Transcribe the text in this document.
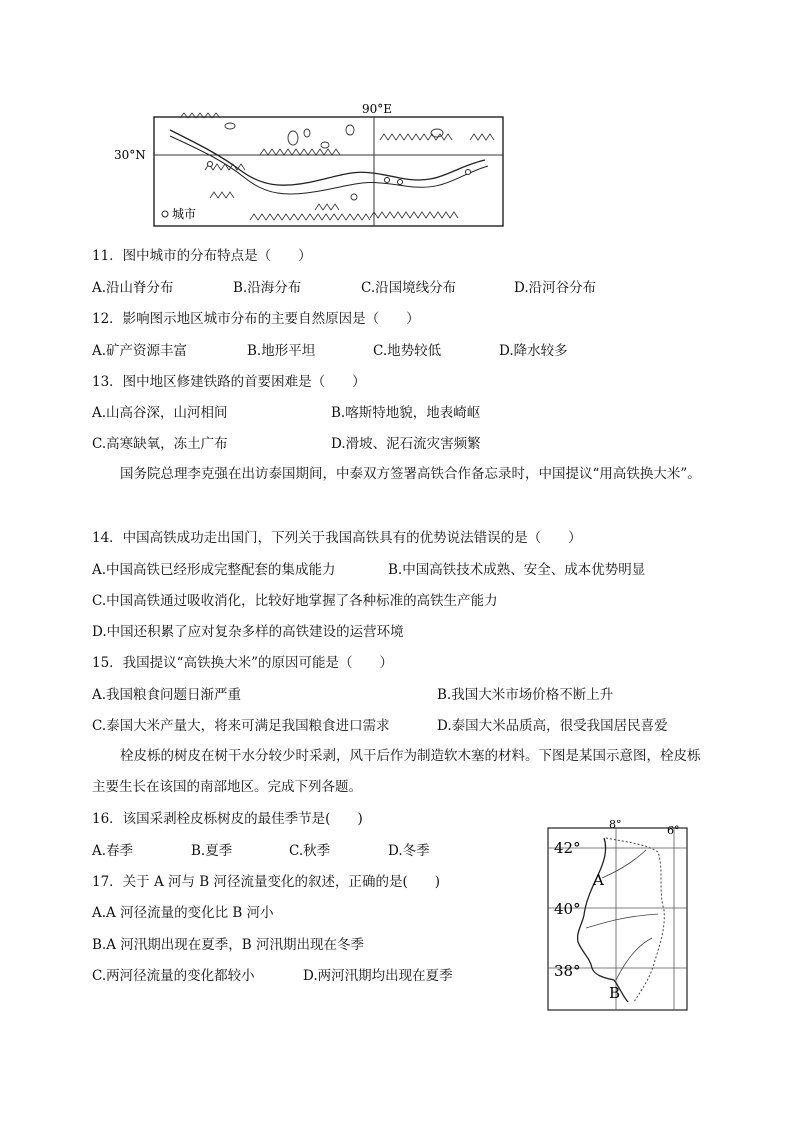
90°E
30°N
城市
11．图中城市的分布特点是（　　）
A.沿山脊分布	B.沿海分布	C.沿国境线分布	D.沿河谷分布
12．影响图示地区城市分布的主要自然原因是（　　）
A.矿产资源丰富	B.地形平坦	C.地势较低	D.降水较多
13．图中地区修建铁路的首要困难是（　　）
A.山高谷深，山河相间	B.喀斯特地貌，地表崎岖
C.高寒缺氧，冻土广布	D.滑坡、泥石流灾害频繁
国务院总理李克强在出访泰国期间，中泰双方签署高铁合作备忘录时，中国提议“用高铁换大米”。
14．中国高铁成功走出国门，下列关于我国高铁具有的优势说法错误的是（　　）
A.中国高铁已经形成完整配套的集成能力	B.中国高铁技术成熟、安全、成本优势明显
C.中国高铁通过吸收消化，比较好地掌握了各种标准的高铁生产能力
D.中国还积累了应对复杂多样的高铁建设的运营环境
15．我国提议“高铁换大米”的原因可能是（　　）
A.我国粮食问题日渐严重	B.我国大米市场价格不断上升
C.泰国大米产量大，将来可满足我国粮食进口需求	D.泰国大米品质高，很受我国居民喜爱
栓皮栎的树皮在树干水分较少时采剥，风干后作为制造软木塞的材料。下图是某国示意图，栓皮栎主要生长在该国的南部地区。完成下列各题。
16．该国采剥栓皮栎树皮的最佳季节是(　　)
A.春季	B.夏季	C.秋季	D.冬季
17．关于 A 河与 B 河径流量变化的叙述，正确的是(　　)
A.A 河径流量的变化比 B 河小
B.A 河汛期出现在夏季，B 河汛期出现在冬季
C.两河径流量的变化都较小	D.两河汛期均出现在夏季
8°	6°
42°
40°
38°
A
B
